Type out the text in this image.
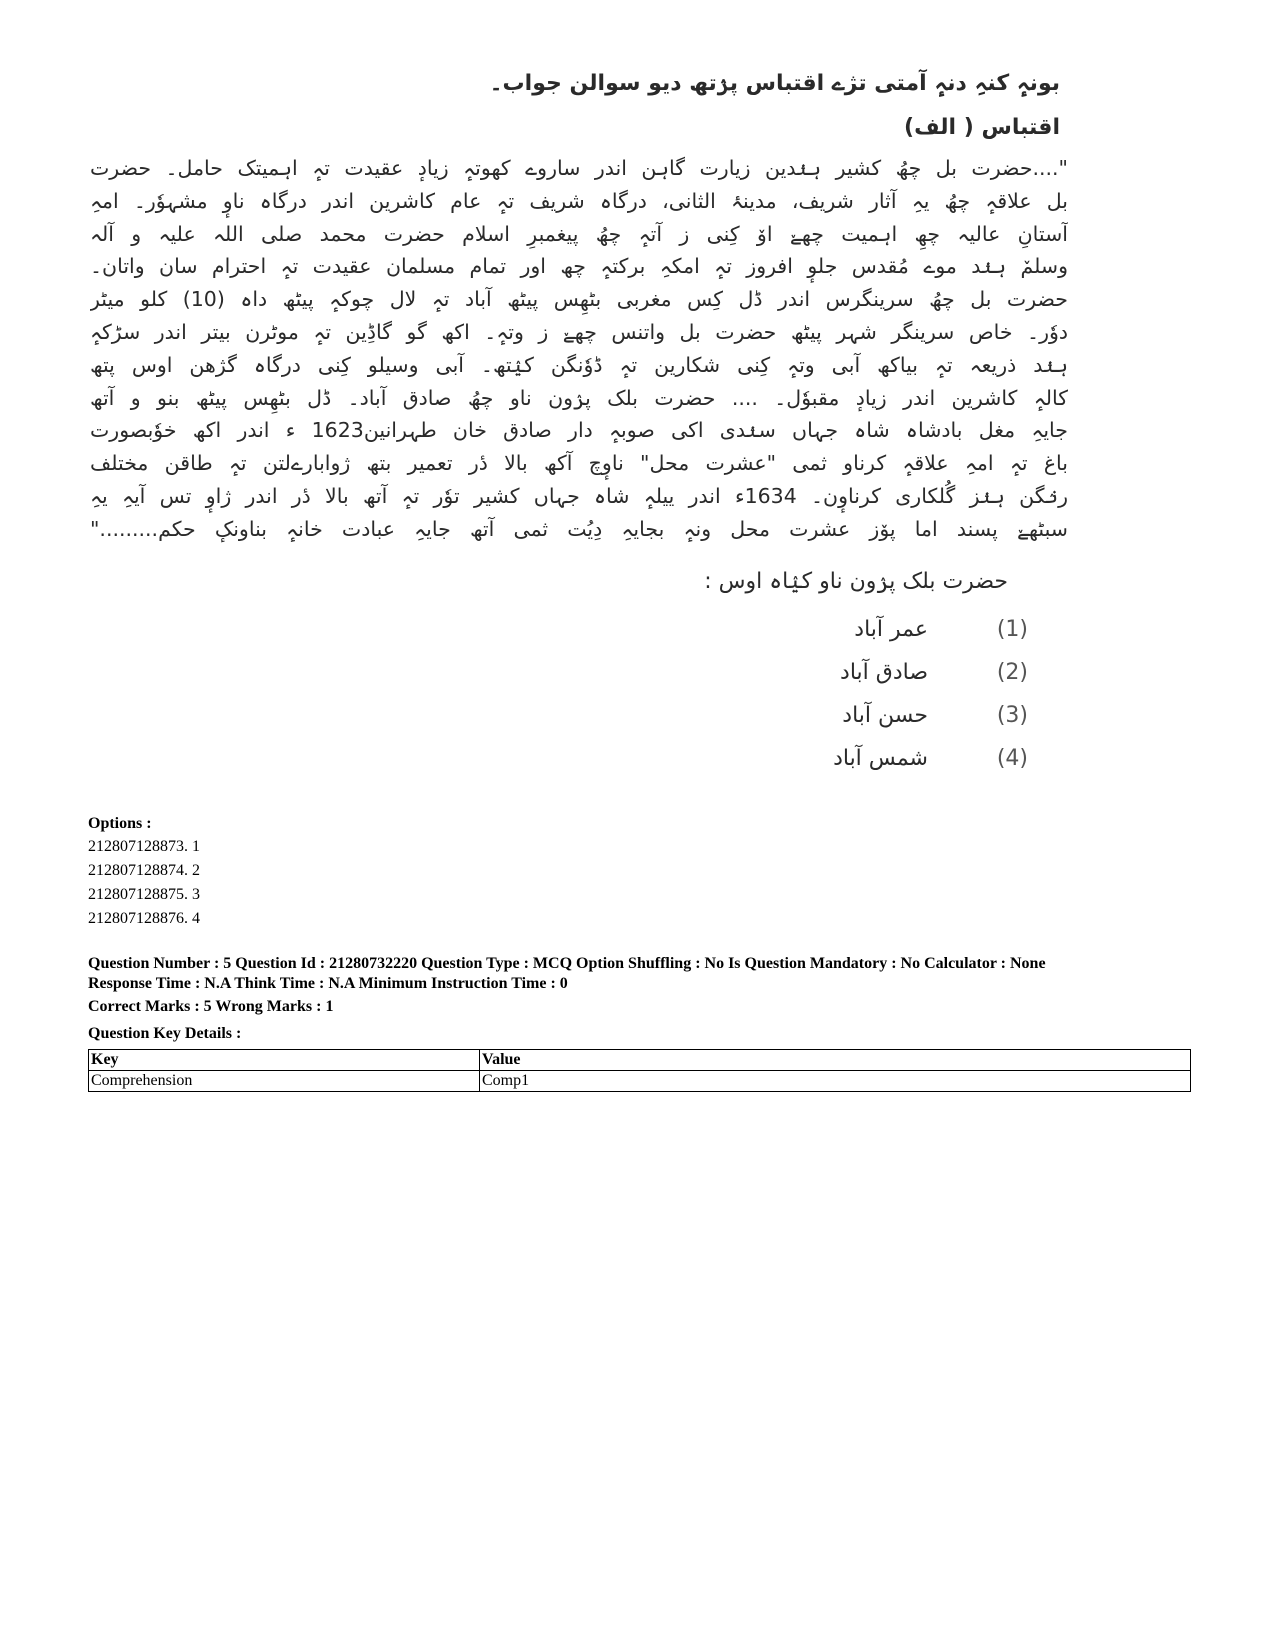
بونہٕ کنہِ دنہٕ آمتی تژے اقتباس پرٛتھ دیو سوالن جواب۔
اقتباس ( الف)
"....حضرت بل چھُ کشیر ہنٛدین زیارت گاہن اندر ساروے کھوتہٕ زیادٕ عقیدت تہٕ اہمیتک حامل۔ حضرت
بل علاقہٕ چھُ یہِ آثار شریف، مدینۂ الثانی، درگاہ شریف تہٕ عام کاشرین اندر درگاہ ناوٕ مشہوٗر۔ امہِ
آستانِ عالیہ چھِ اہمیت چھےٚ اوٚ کِنی ز آتہٕ چھُ پیغمبرِ اسلام حضرت محمد صلی اللہ علیہ و آلہ
وسلمٚ ہنٛد موے مُقدس جلوٕ افروز تہٕ امکہِ برکتہٕ چھ اور تمام مسلمان عقیدت تہٕ احترام سان واتان۔
حضرت بل چھُ سرینگرس اندر ڈل کِس مغربی بٹھِس پیٹھ آباد تہٕ لال چوکہٕ پیٹھ داہ (10) کلو میٹر
دوٗر۔ خاص سرینگر شہر پیٹھ حضرت بل واتنس چھےٚ ز وتہٕ۔ اکھ گو گاڈِین تہٕ موٹرن بیتر اندر سڑکہٕ
ہنٛد ذریعہ تہٕ بیاکھ آبی وتہٕ کِنی شکارین تہٕ ڈوٗنگن کیٛتھ۔ آبی وسیلو کِنی درگاہ گژھن اوس پتھ
کالہٕ کاشرین اندر زیادٕ مقبوٗل۔ .... حضرت بلک پرٛون ناو چھُ صادق آباد۔ ڈل بٹھِس پیٹھ بنو و آتھ
جایہِ مغل بادشاہ شاہ جہاں سنٛدی اکی صوبہٕ دار صادق خان طہرانین1623 ء اندر اکھ خوٗبصورت
باغ تہٕ امہِ علاقہٕ کرناو ثمی "عشرت محل" ناوٕچ آکھ بالا دٔر تعمیر بتھ ژوابارےلتن تہٕ طاقن مختلف
رنٛگن ہنٛز گُلکاری کرناوٕن۔ 1634ء اندر ییلہٕ شاہ جہاں کشیر توٗر تہٕ آتھ بالا دٔر اندر ژاوٕ تس آیہِ یہِ
سبٹھےٚ پسند اما پوٚز عشرت محل ونہٕ بجایہِ دِیُت ثمی آتھ جایہِ عبادت خانہٕ بناونکٕ حکم........."
حضرت بلک پرٛون ناو کیٛاہ اوس :
(1)
عمر آباد
(2)
صادق آباد
(3)
حسن آباد
(4)
شمس آباد
Options :
212807128873. 1
212807128874. 2
212807128875. 3
212807128876. 4
Question Number : 5 Question Id : 21280732220 Question Type : MCQ Option Shuffling : No Is Question Mandatory : No Calculator : None
Response Time : N.A Think Time : N.A Minimum Instruction Time : 0
Correct Marks : 5 Wrong Marks : 1
Question Key Details :
Key	Value
Comprehension	Comp1
